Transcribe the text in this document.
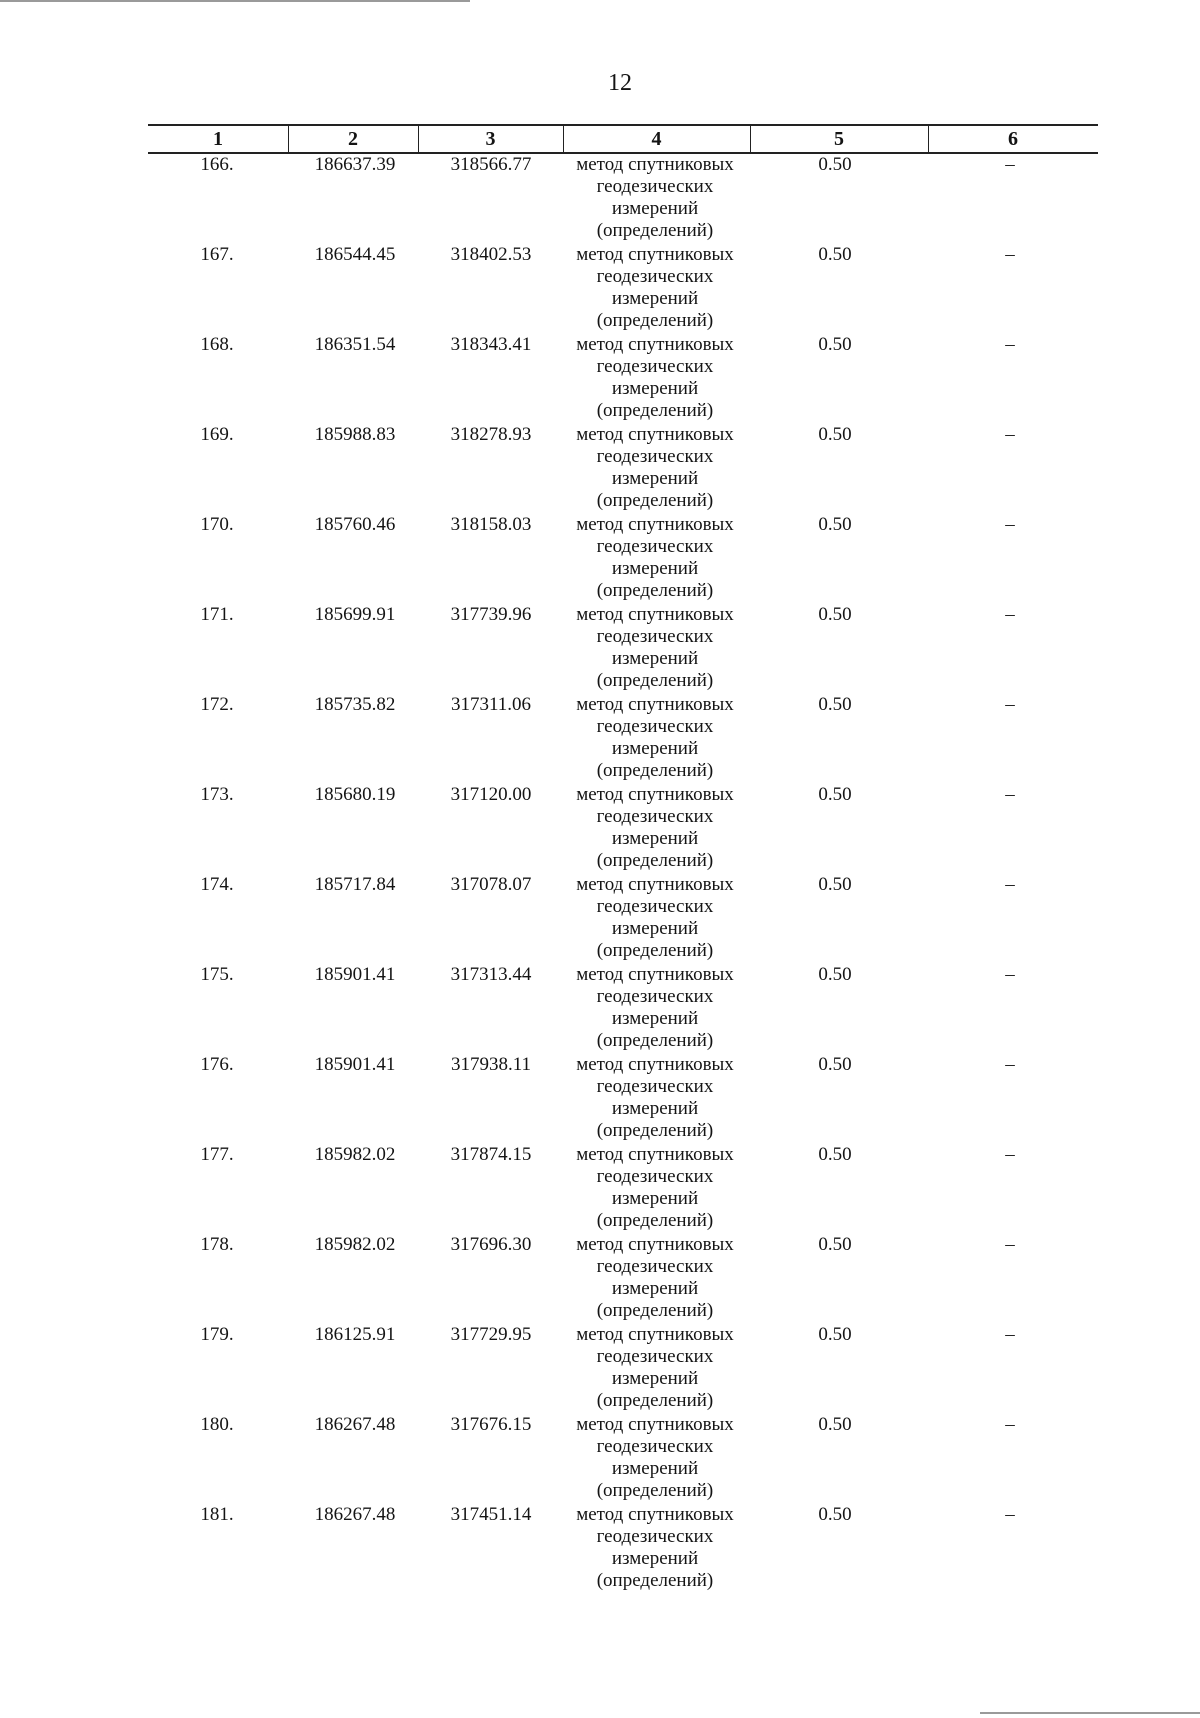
12
1	2	3	4	5	6
166.	186637.39	318566.77	метод спутниковых
геодезических
измерений
(определений)
0.50	–
167.	186544.45	318402.53	метод спутниковых
геодезических
измерений
(определений)
0.50	–
168.	186351.54	318343.41	метод спутниковых
геодезических
измерений
(определений)
0.50	–
169.	185988.83	318278.93	метод спутниковых
геодезических
измерений
(определений)
0.50	–
170.	185760.46	318158.03	метод спутниковых
геодезических
измерений
(определений)
0.50	–
171.	185699.91	317739.96	метод спутниковых
геодезических
измерений
(определений)
0.50	–
172.	185735.82	317311.06	метод спутниковых
геодезических
измерений
(определений)
0.50	–
173.	185680.19	317120.00	метод спутниковых
геодезических
измерений
(определений)
0.50	–
174.	185717.84	317078.07	метод спутниковых
геодезических
измерений
(определений)
0.50	–
175.	185901.41	317313.44	метод спутниковых
геодезических
измерений
(определений)
0.50	–
176.	185901.41	317938.11	метод спутниковых
геодезических
измерений
(определений)
0.50	–
177.	185982.02	317874.15	метод спутниковых
геодезических
измерений
(определений)
0.50	–
178.	185982.02	317696.30	метод спутниковых
геодезических
измерений
(определений)
0.50	–
179.	186125.91	317729.95	метод спутниковых
геодезических
измерений
(определений)
0.50	–
180.	186267.48	317676.15	метод спутниковых
геодезических
измерений
(определений)
0.50	–
181.	186267.48	317451.14	метод спутниковых
геодезических
измерений
(определений)
0.50	–
